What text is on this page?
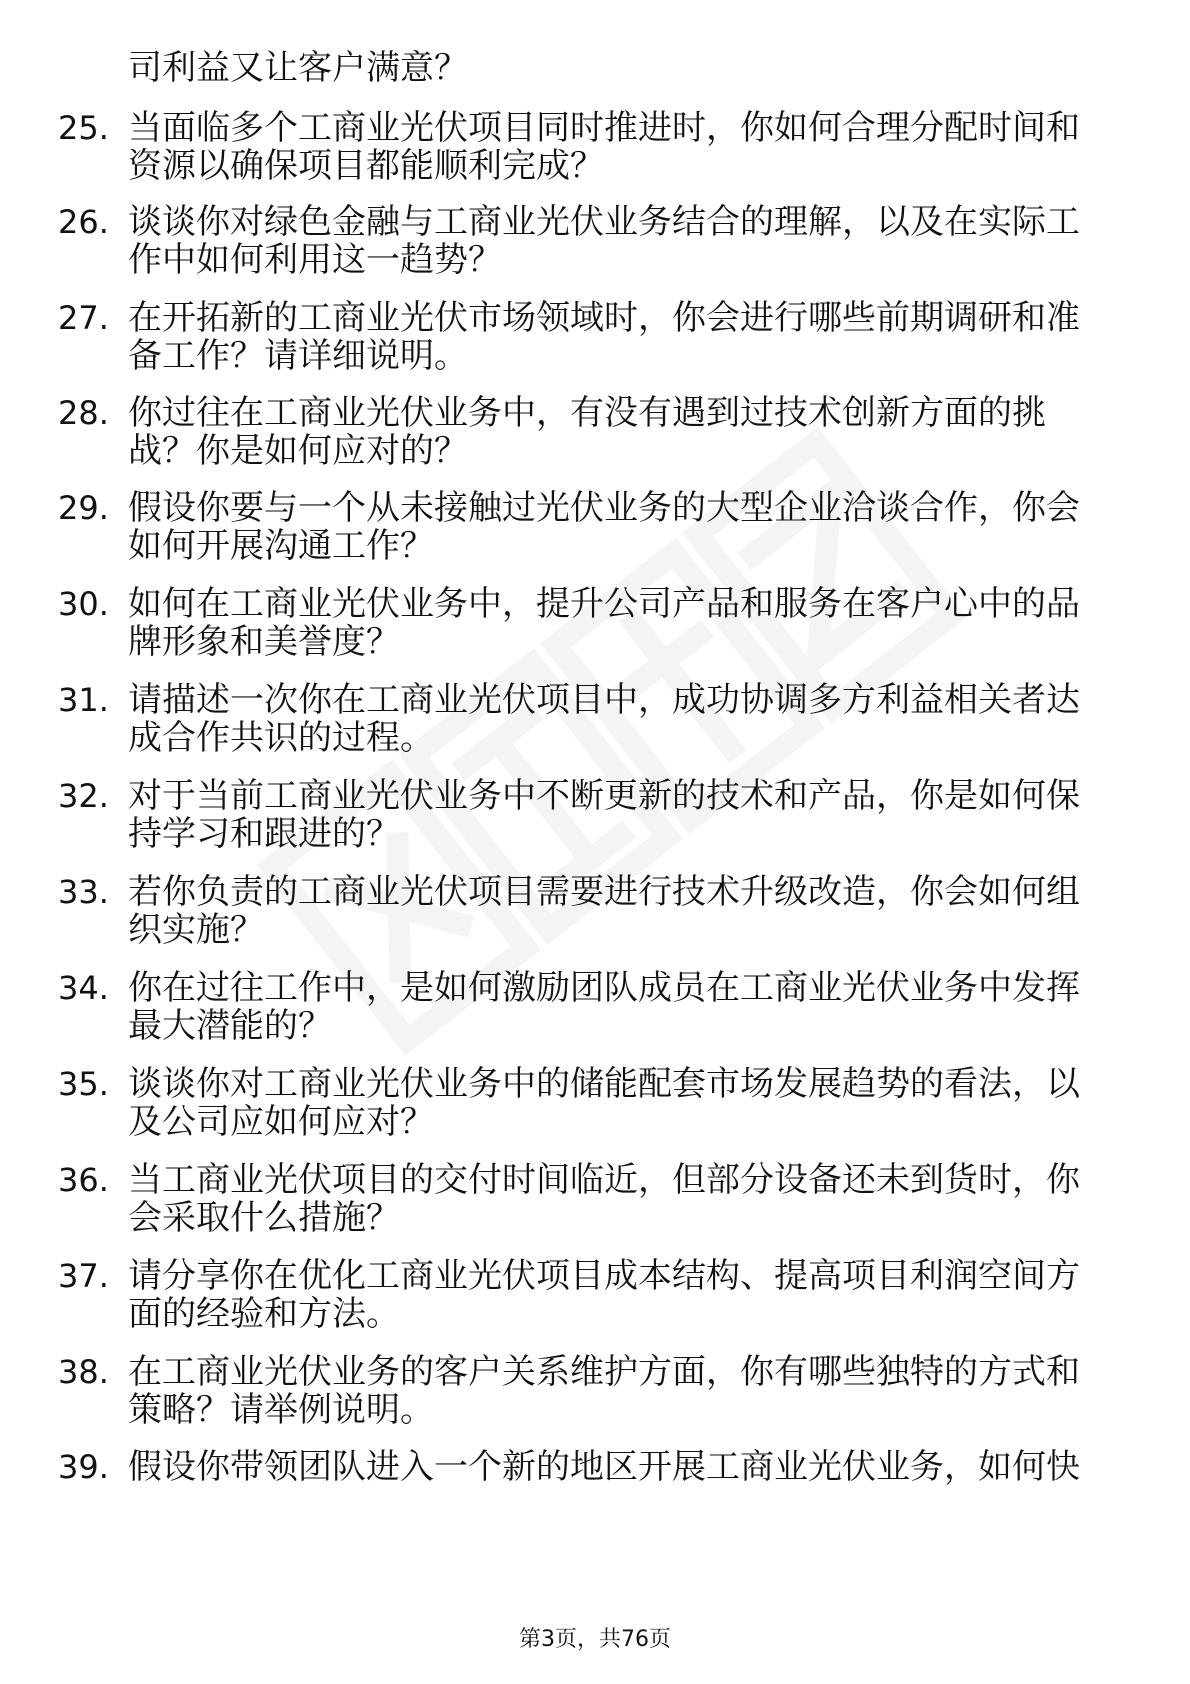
司利益又让客户满意？
25. 当面临多个工商业光伏项目同时推进时，你如何合理分配时间和
资源以确保项目都能顺利完成？
26. 谈谈你对绿色金融与工商业光伏业务结合的理解，以及在实际工
作中如何利用这一趋势？
27. 在开拓新的工商业光伏市场领域时，你会进行哪些前期调研和准
备工作？请详细说明。
28. 你过往在工商业光伏业务中，有没有遇到过技术创新方面的挑
战？你是如何应对的？
29. 假设你要与一个从未接触过光伏业务的大型企业洽谈合作，你会
如何开展沟通工作？
30. 如何在工商业光伏业务中，提升公司产品和服务在客户心中的品
牌形象和美誉度？
31. 请描述一次你在工商业光伏项目中，成功协调多方利益相关者达
成合作共识的过程。
32. 对于当前工商业光伏业务中不断更新的技术和产品，你是如何保
持学习和跟进的？
33. 若你负责的工商业光伏项目需要进行技术升级改造，你会如何组
织实施？
34. 你在过往工作中，是如何激励团队成员在工商业光伏业务中发挥
最大潜能的？
35. 谈谈你对工商业光伏业务中的储能配套市场发展趋势的看法，以
及公司应如何应对？
36. 当工商业光伏项目的交付时间临近，但部分设备还未到货时，你
会采取什么措施？
37. 请分享你在优化工商业光伏项目成本结构、提高项目利润空间方
面的经验和方法。
38. 在工商业光伏业务的客户关系维护方面，你有哪些独特的方式和
策略？请举例说明。
39. 假设你带领团队进入一个新的地区开展工商业光伏业务，如何快
第3页，共76页
